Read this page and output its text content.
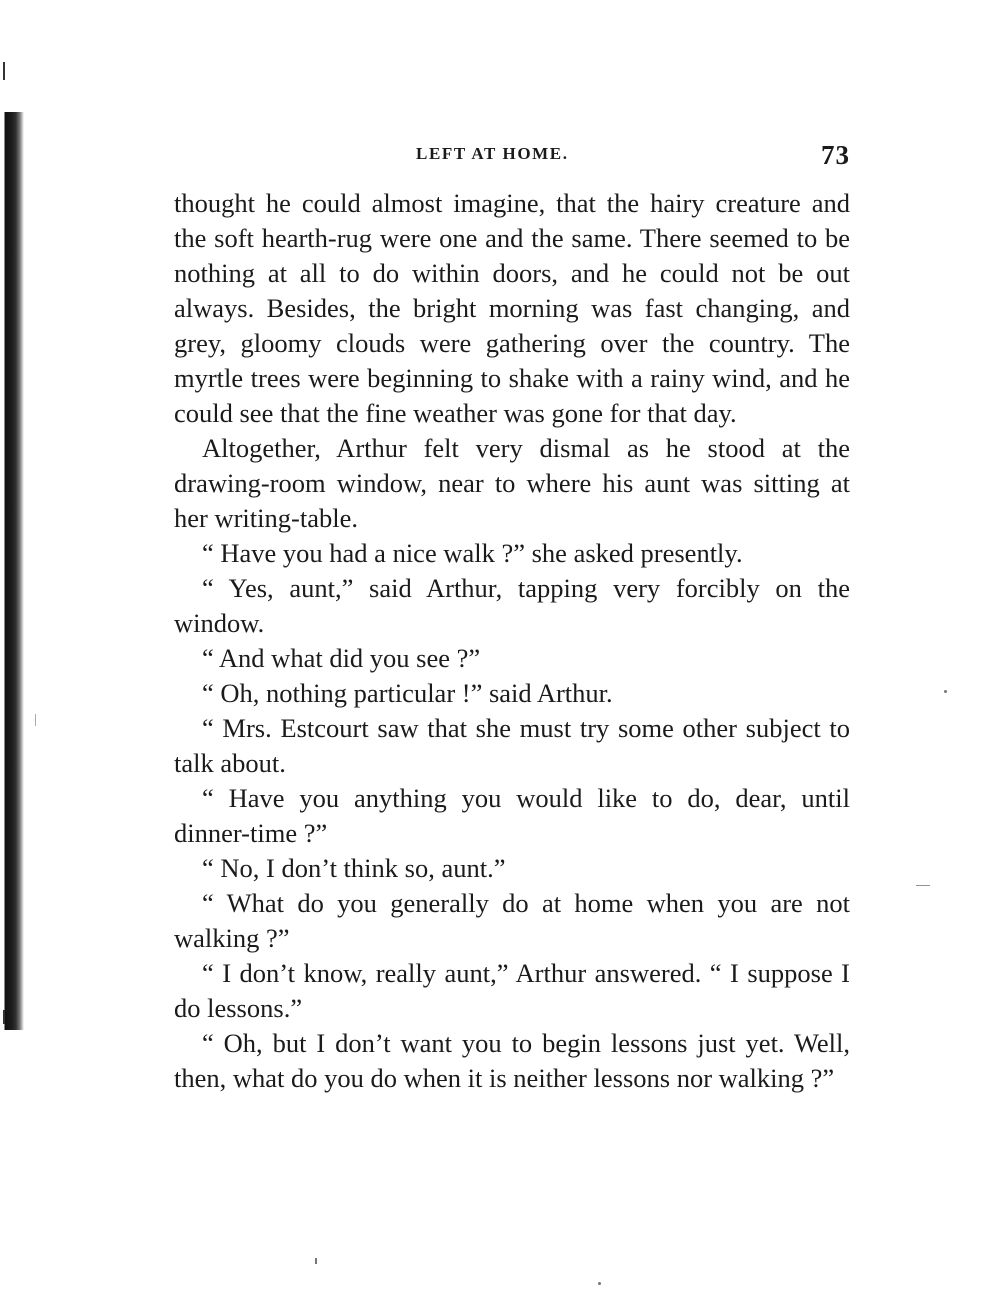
LEFT AT HOME.	73

thought he could almost imagine, that the hairy creature and the soft hearth-rug were one and the same. There seemed to be nothing at all to do within doors, and he could not be out always. Besides, the bright morning was fast changing, and grey, gloomy clouds were gathering over the country. The myrtle trees were beginning to shake with a rainy wind, and he could see that the fine weather was gone for that day.

Altogether, Arthur felt very dismal as he stood at the drawing-room window, near to where his aunt was sitting at her writing-table.

“ Have you had a nice walk ?” she asked presently.

“ Yes, aunt,” said Arthur, tapping very forcibly on the window.

“ And what did you see ?”

“ Oh, nothing particular !” said Arthur.

“ Mrs. Estcourt saw that she must try some other subject to talk about.

“ Have you anything you would like to do, dear, until dinner-time ?”

“ No, I don’t think so, aunt.”

“ What do you generally do at home when you are not walking ?”

“ I don’t know, really aunt,” Arthur answered. “ I suppose I do lessons.”

“ Oh, but I don’t want you to begin lessons just yet. Well, then, what do you do when it is neither lessons nor walking ?”
